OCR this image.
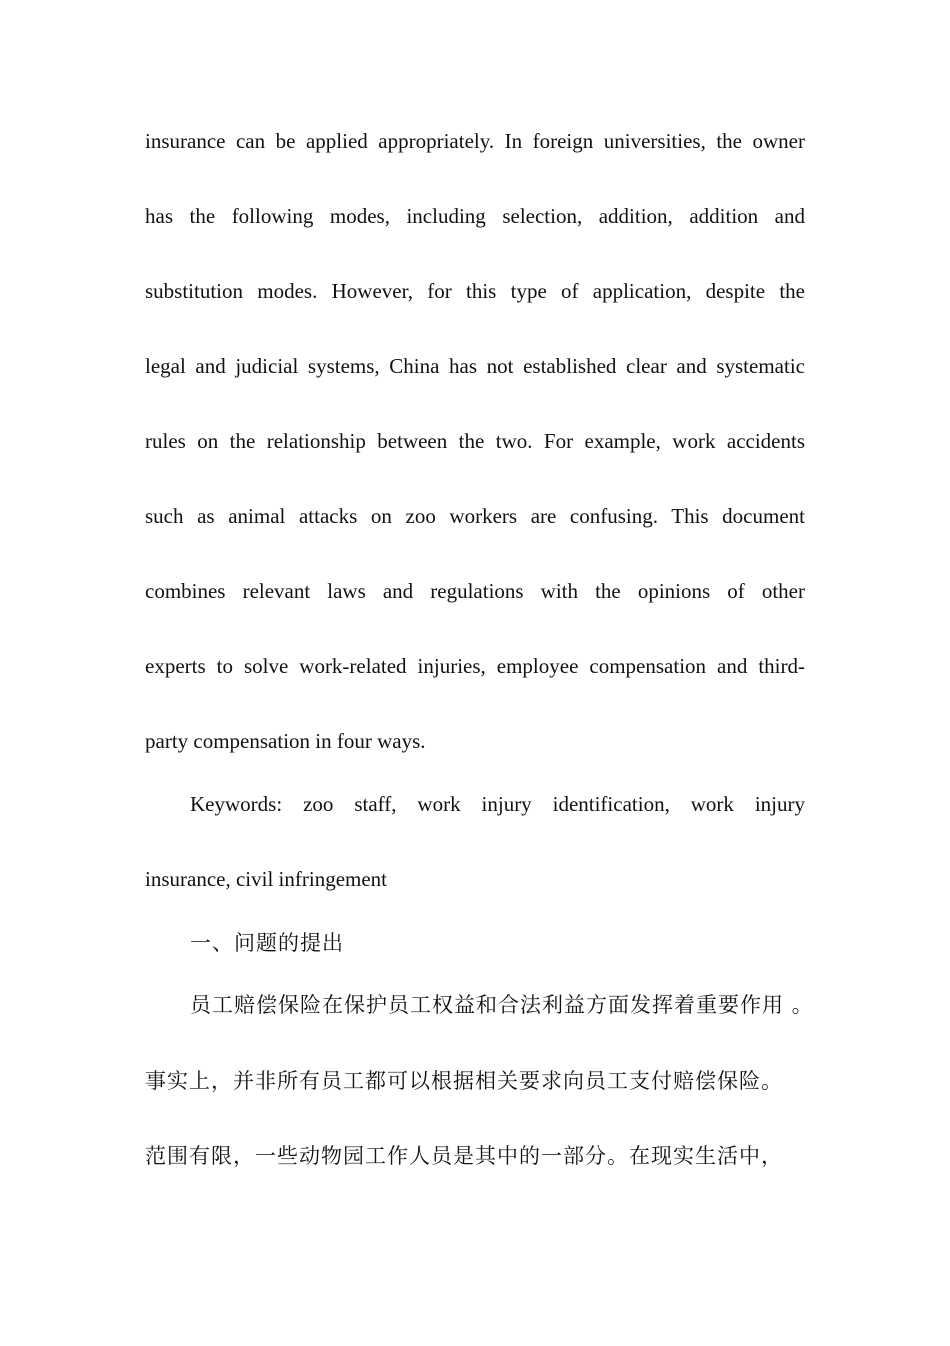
insurance can be applied appropriately. In foreign universities, the owner
has the following modes, including selection, addition, addition and
substitution modes. However, for this type of application, despite the
legal and judicial systems, China has not established clear and systematic
rules on the relationship between the two. For example, work accidents
such as animal attacks on zoo workers are confusing. This document
combines relevant laws and regulations with the opinions of other
experts to solve work-related injuries, employee compensation and third-
party compensation in four ways.
Keywords: zoo staff, work injury identification, work injury
insurance, civil infringement
一、问题的提出
员工赔偿保险在保护员工权益和合法利益方面发挥着重要作用 。
事实上，并非所有员工都可以根据相关要求向员工支付赔偿保险。
范围有限，一些动物园工作人员是其中的一部分。在现实生活中，
